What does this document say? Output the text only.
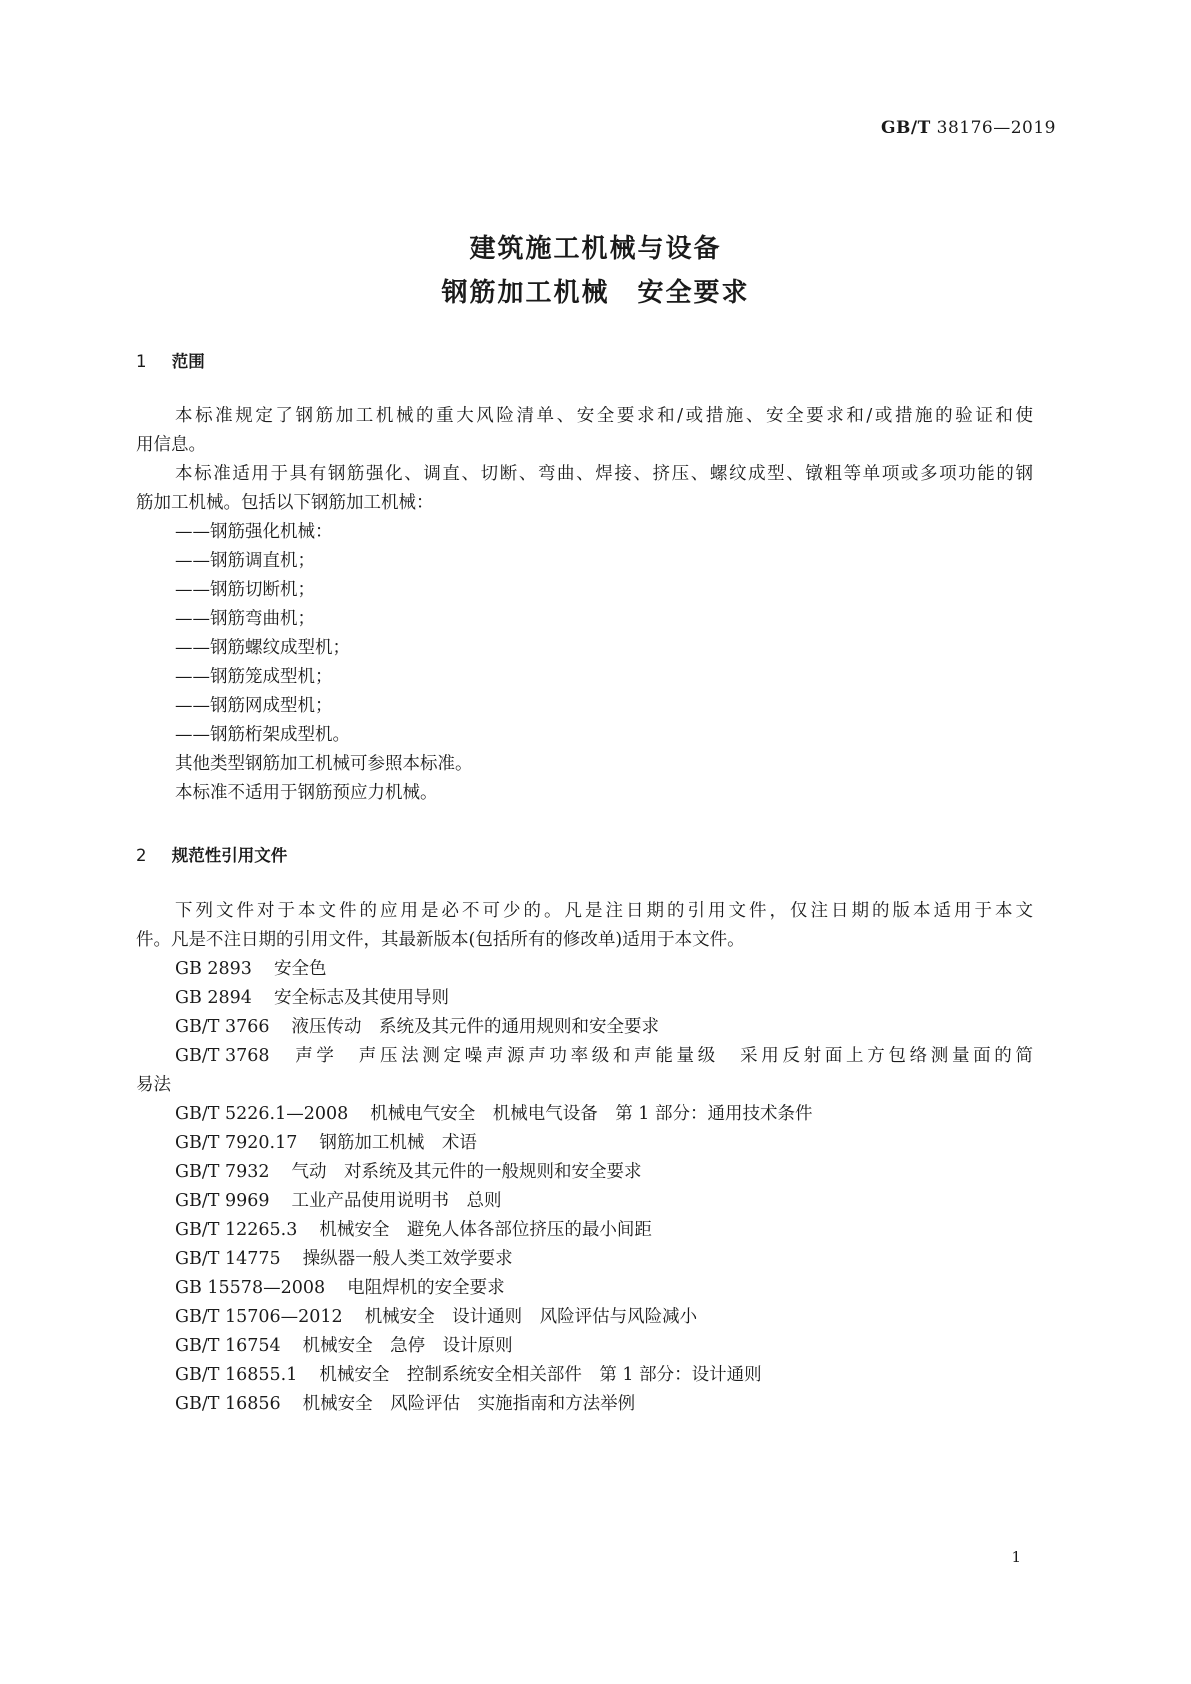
GB/T 38176—2019
建筑施工机械与设备
钢筋加工机械　安全要求
1 范围
本标准规定了钢筋加工机械的重大风险清单、安全要求和/或措施、安全要求和/或措施的验证和使
用信息。
本标准适用于具有钢筋强化、调直、切断、弯曲、焊接、挤压、螺纹成型、镦粗等单项或多项功能的钢
筋加工机械。包括以下钢筋加工机械：
——钢筋强化机械：
——钢筋调直机；
——钢筋切断机；
——钢筋弯曲机；
——钢筋螺纹成型机；
——钢筋笼成型机；
——钢筋网成型机；
——钢筋桁架成型机。
其他类型钢筋加工机械可参照本标准。
本标准不适用于钢筋预应力机械。
2 规范性引用文件
下列文件对于本文件的应用是必不可少的。凡是注日期的引用文件，仅注日期的版本适用于本文
件。凡是不注日期的引用文件，其最新版本(包括所有的修改单)适用于本文件。
GB 2893 安全色
GB 2894 安全标志及其使用导则
GB/T 3766 液压传动　系统及其元件的通用规则和安全要求
GB/T 3768 声学　声压法测定噪声源声功率级和声能量级　采用反射面上方包络测量面的简
易法
GB/T 5226.1—2008 机械电气安全　机械电气设备　第 1 部分：通用技术条件
GB/T 7920.17 钢筋加工机械　术语
GB/T 7932 气动　对系统及其元件的一般规则和安全要求
GB/T 9969 工业产品使用说明书　总则
GB/T 12265.3 机械安全　避免人体各部位挤压的最小间距
GB/T 14775 操纵器一般人类工效学要求
GB 15578—2008 电阻焊机的安全要求
GB/T 15706—2012 机械安全　设计通则　风险评估与风险减小
GB/T 16754 机械安全　急停　设计原则
GB/T 16855.1 机械安全　控制系统安全相关部件　第 1 部分：设计通则
GB/T 16856 机械安全　风险评估　实施指南和方法举例
1
